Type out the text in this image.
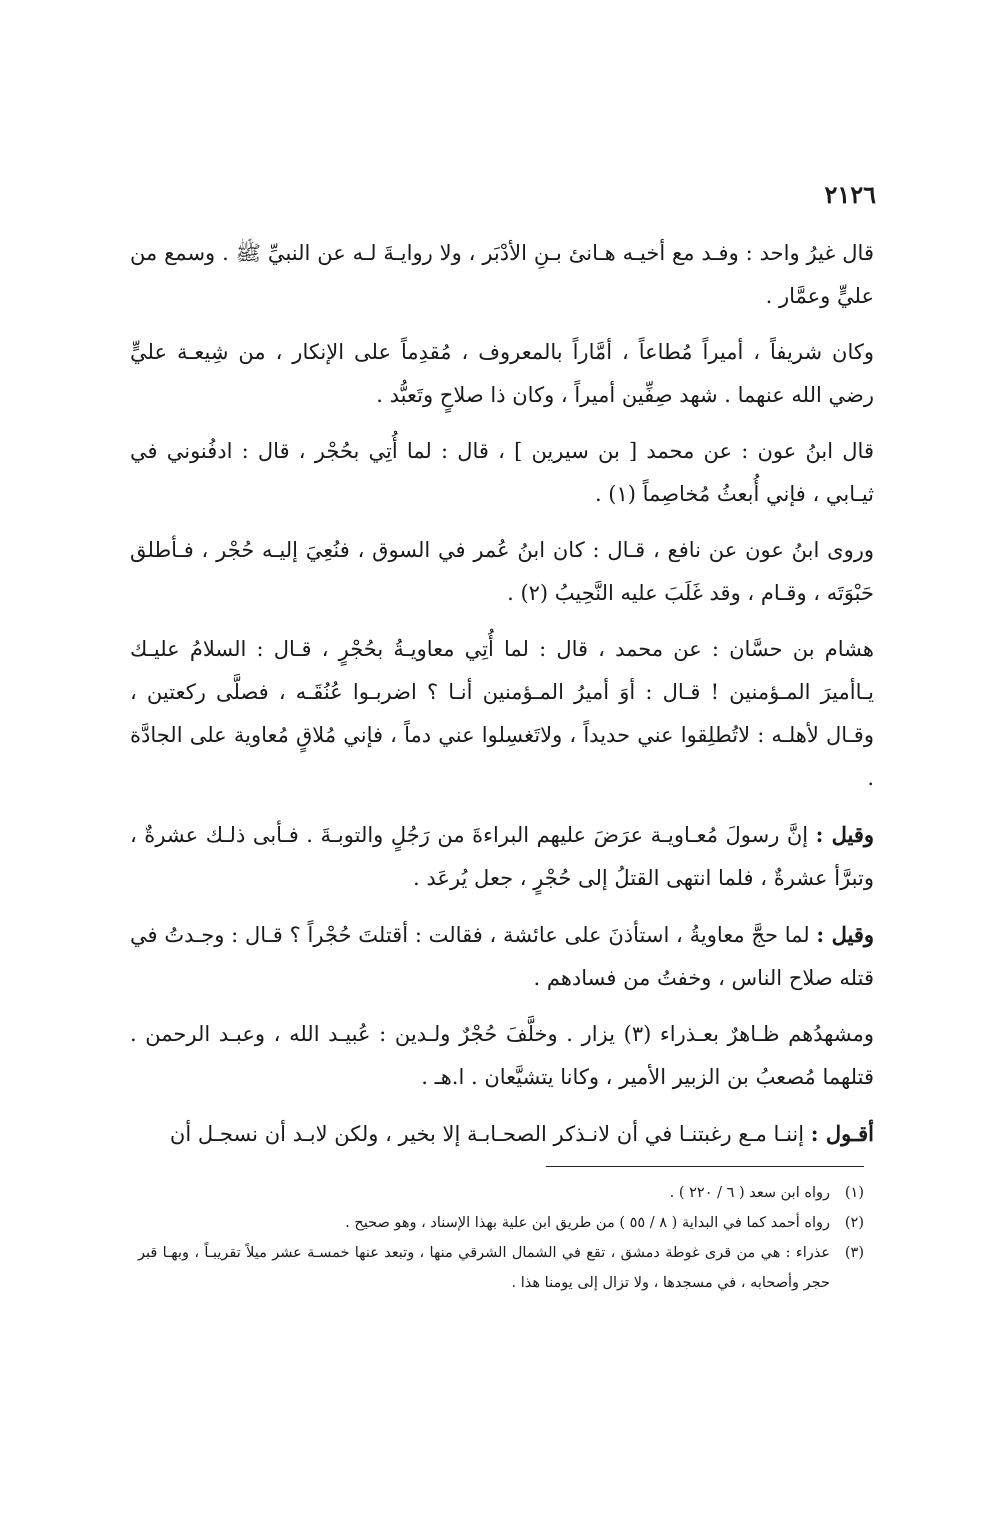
٢١٢٦

قال غيرُ واحد : وفـد مع أخيـه هـانئ بـنِ الأدْبَر ، ولا روايـةَ لـه عن النبيِّ ﷺ . وسمع من عليٍّ وعمَّار .

وكان شريفاً ، أميراً مُطاعاً ، أمَّاراً بالمعروف ، مُقدِماً على الإنكار ، من شِيعـة عليٍّ رضي الله عنهما . شهد صِفِّين أميراً ، وكان ذا صلاحٍ وتَعبُّد .

قال ابنُ عون : عن محمد [ بن سيرين ] ، قال : لما أُتِي بحُجْر ، قال : ادفُنوني في ثيـابي ، فإني أُبعثُ مُخاصِماً (١) .

وروى ابنُ عون عن نافع ، قـال : كان ابنُ عُمر في السوق ، فنُعِيَ إليـه حُجْر ، فـأطلق حَبْوَتَه ، وقـام ، وقد غَلَبَ عليه النَّحِيبُ (٢) .

هشام بن حسَّان : عن محمد ، قال : لما أُتِي معاويـةُ بحُجْرٍ ، قـال : السلامُ عليـك يـاأميرَ المـؤمنين ! قـال : أوَ أميرُ المـؤمنين أنـا ؟ اضربـوا عُنُقَـه ، فصلَّى ركعتين ، وقـال لأهلـه : لاتُطلِقوا عني حديداً ، ولاتَغسِلوا عني دماً ، فإني مُلاقٍ مُعاوية على الجادَّة .

وقيل : إنَّ رسولَ مُعـاويـة عرَضَ عليهم البراءةَ من رَجُلٍ والتوبـةَ . فـأبى ذلـك عشرةٌ ، وتبرَّأ عشرةٌ ، فلما انتهى القتلُ إلى حُجْرٍ ، جعل يُرعَد .

وقيل : لما حجَّ معاويةُ ، استأذنَ على عائشة ، فقالت : أقتلتَ حُجْراً ؟ قـال : وجـدتُ في قتله صلاح الناس ، وخفتُ من فسادهم .

ومشهدُهم ظـاهرٌ بعـذراء (٣) يزار . وخلَّفَ حُجْرٌ ولـدين : عُبيـد الله ، وعبـد الرحمن . قتلهما مُصعبُ بن الزبير الأمير ، وكانا يتشيَّعان . ا.هـ .

أقـول : إننـا مـع رغبتنـا في أن لانـذكر الصحـابـة إلا بخير ، ولكن لابـد أن نسجـل أن

(١)
رواه ابن سعد ( ٦ / ٢٢٠ ) .
(٢)
رواه أحمد كما في البداية ( ٨ / ٥٥ ) من طريق ابن علية بهذا الإسناد ، وهو صحيح .
(٣)
عذراء : هي من قرى غوطة دمشق ، تقع في الشمال الشرقي منها ، وتبعد عنها خمسـة عشر ميلاً تقريبـاً ، وبهـا قبر حجر وأصحابه ، في مسجدها ، ولا تزال إلى يومنا هذا .
